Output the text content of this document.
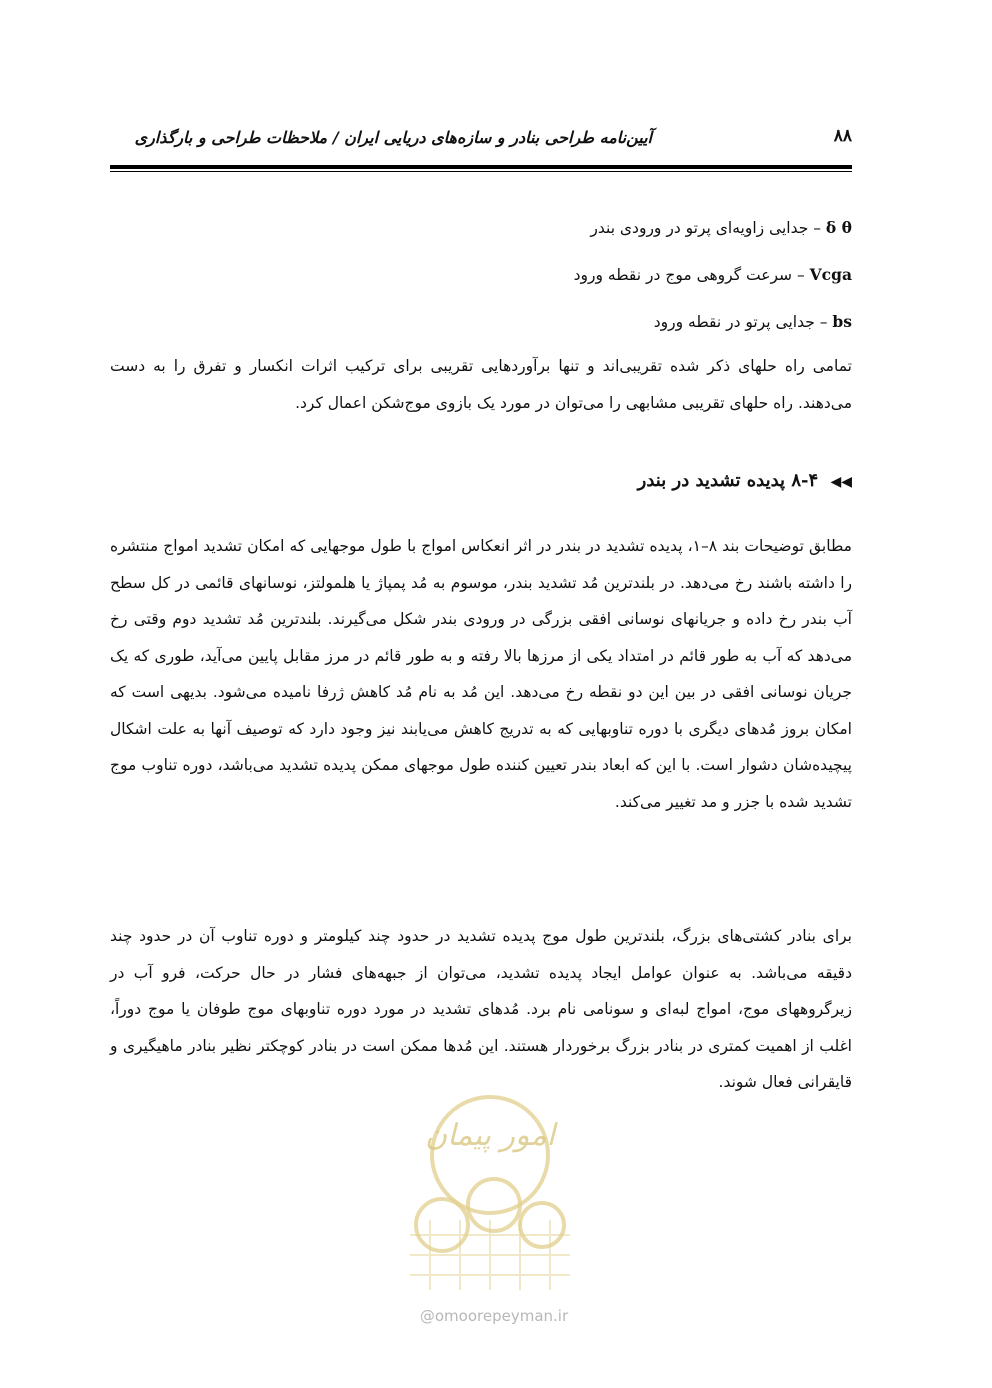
۸۸
آیین‌نامه طراحی بنادر و سازه‌های دریایی ایران / ملاحظات طراحی و بارگذاری
δ θ – جدایی زاویه‌ای پرتو در ورودی بندر
Vcga – سرعت گروهی موج در نقطه ورود
bs – جدایی پرتو در نقطه ورود

تمامی راه حلهای ذکر شده تقریبی‌اند و تنها برآوردهایی تقریبی برای ترکیب اثرات انکسار و تفرق را به دست می‌دهند. راه حلهای تقریبی مشابهی را می‌توان در مورد یک بازوی موج‌شکن اعمال کرد.

◀◀ ۸-۴ پدیده تشدید در بندر

مطابق توضیحات بند ۸–۱، پدیده تشدید در بندر در اثر انعکاس امواج با طول موجهایی که امکان تشدید امواج منتشره را داشته باشند رخ می‌دهد. در بلندترین مُد تشدید بندر، موسوم به مُد پمپاژ یا هلمولتز، نوسانهای قائمی در کل سطح آب بندر رخ داده و جریانهای نوسانی افقی بزرگی در ورودی بندر شکل می‌گیرند. بلندترین مُد تشدید دوم وقتی رخ می‌دهد که آب به طور قائم در امتداد یکی از مرزها بالا رفته و به طور قائم در مرز مقابل پایین می‌آید، طوری که یک جریان نوسانی افقی در بین این دو نقطه رخ می‌دهد. این مُد به نام مُد کاهش ژرفا نامیده می‌شود. بدیهی است که امکان بروز مُدهای دیگری با دوره تناوبهایی که به تدریج کاهش می‌یابند نیز وجود دارد که توصیف آنها به علت اشکال پیچیده‌شان دشوار است. با این که ابعاد بندر تعیین کننده طول موجهای ممکن پدیده تشدید می‌باشد، دوره تناوب موج تشدید شده با جزر و مد تغییر می‌کند.

برای بنادر کشتی‌های بزرگ، بلندترین طول موج پدیده تشدید در حدود چند کیلومتر و دوره تناوب آن در حدود چند دقیقه می‌باشد. به عنوان عوامل ایجاد پدیده تشدید، می‌توان از جبهه‌های فشار در حال حرکت، فرو آب در زیرگروههای موج، امواج لبه‌ای و سونامی نام برد. مُدهای تشدید در مورد دوره تناوبهای موج طوفان یا موج دوراً، اغلب از اهمیت کمتری در بنادر بزرگ برخوردار هستند. این مُدها ممکن است در بنادر کوچکتر نظیر بنادر ماهیگیری و قایقرانی فعال شوند.

امور پیمان
@omoorepeyman.ir
